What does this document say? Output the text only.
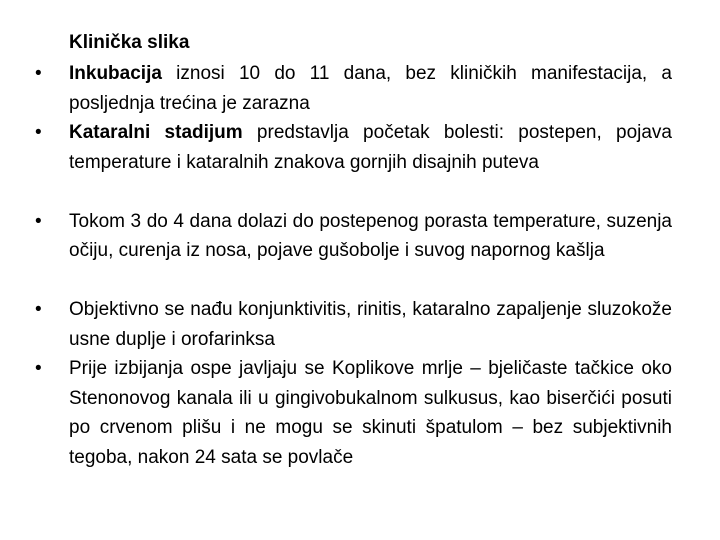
Klinička slika
•	Inkubacija iznosi 10 do 11 dana, bez kliničkih manifestacija, a posljednja trećina je zarazna
•	Kataralni stadijum predstavlja početak bolesti: postepen, pojava temperature i kataralnih znakova gornjih disajnih puteva
•	Tokom 3 do 4 dana dolazi do postepenog porasta temperature, suzenja očiju, curenja iz nosa, pojave gušobolje i suvog napornog kašlja
•	Objektivno se nađu konjunktivitis, rinitis, kataralno zapaljenje sluzokože usne duplje i orofarinksa
•	Prije izbijanja ospe javljaju se Koplikove mrlje – bjeličaste tačkice oko Stenonovog kanala ili u gingivobukalnom sulkusus, kao biserčići posuti po crvenom plišu i ne mogu se skinuti špatulom – bez subjektivnih tegoba, nakon 24 sata se povlače
